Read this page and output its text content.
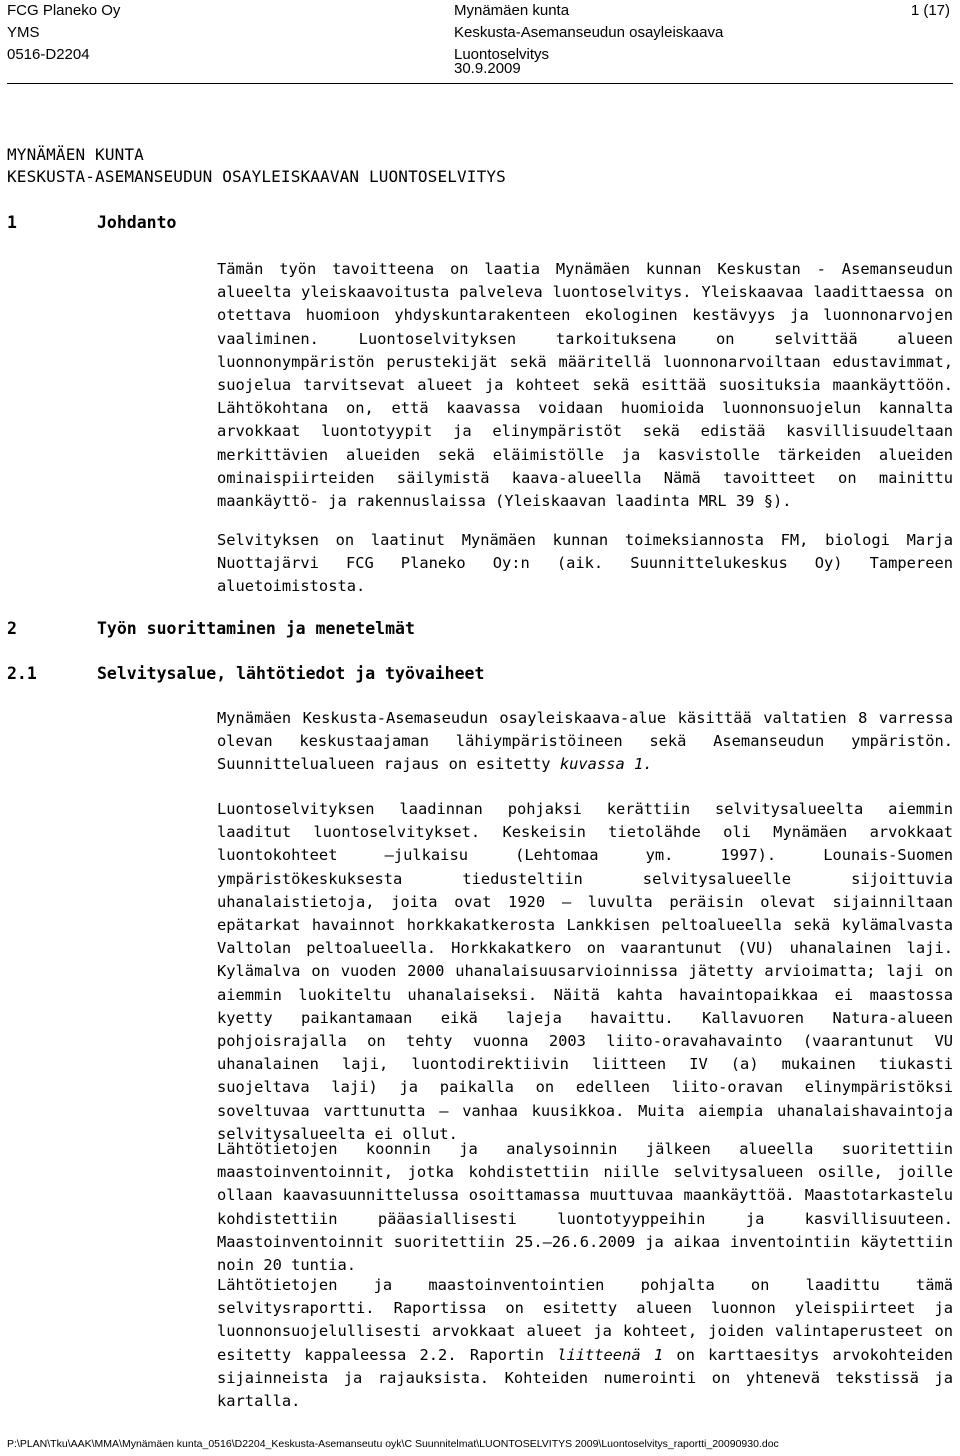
FCG Planeko Oy
YMS
0516-D2204
Mynämäen kunta
Keskusta-Asemanseudun osayleiskaava
Luontoselvitys
30.9.2009
1 (17)
MYNÄMÄEN KUNTA
KESKUSTA-ASEMANSEUDUN OSAYLEISKAAVAN LUONTOSELVITYS
1	Johdanto

Tämän työn tavoitteena on laatia Mynämäen kunnan Keskustan - Asemanseudun alueelta yleiskaavoitusta palveleva luontoselvitys. Yleiskaavaa laadittaessa on otettava huomioon yhdyskuntarakenteen ekologinen kestävyys ja luonnonarvojen vaaliminen. Luontoselvityksen tarkoituksena on selvittää alueen luonnonympäristön perustekijät sekä määritellä luonnonarvoiltaan edustavimmat, suojelua tarvitsevat alueet ja kohteet sekä esittää suosituksia maankäyttöön. Lähtökohtana on, että kaavassa voidaan huomioida luonnonsuojelun kannalta arvokkaat luontotyypit ja elinympäristöt sekä edistää kasvillisuudeltaan merkittävien alueiden sekä eläimistölle ja kasvistolle tärkeiden alueiden ominaispiirteiden säilymistä kaava-alueella Nämä tavoitteet on mainittu maankäyttö- ja rakennuslaissa (Yleiskaavan laadinta MRL 39 §).

Selvityksen on laatinut Mynämäen kunnan toimeksiannosta FM, biologi Marja Nuottajärvi FCG Planeko Oy:n (aik. Suunnittelukeskus Oy) Tampereen aluetoimistosta.

2	Työn suorittaminen ja menetelmät
2.1	Selvitysalue, lähtötiedot ja työvaiheet

Mynämäen Keskusta-Asemaseudun osayleiskaava-alue käsittää valtatien 8 varressa olevan keskustaajaman lähiympäristöineen sekä Asemanseudun ympäristön. Suunnittelualueen rajaus on esitetty kuvassa 1.

Luontoselvityksen laadinnan pohjaksi kerättiin selvitysalueelta aiemmin laaditut luontoselvitykset. Keskeisin tietolähde oli Mynämäen arvokkaat luontokohteet —julkaisu (Lehtomaa ym. 1997). Lounais-Suomen ympäristökeskuksesta tiedusteltiin selvitysalueelle sijoittuvia uhanalaistietoja, joita ovat 1920 — luvulta peräisin olevat sijainniltaan epätarkat havainnot horkkakatkerosta Lankkisen peltoalueella sekä kylämalvasta Valtolan peltoalueella. Horkkakatkero on vaarantunut (VU) uhanalainen laji. Kylämalva on vuoden 2000 uhanalaisuusarvioinnissa jätetty arvioimatta; laji on aiemmin luokiteltu uhanalaiseksi. Näitä kahta havaintopaikkaa ei maastossa kyetty paikantamaan eikä lajeja havaittu. Kallavuoren Natura-alueen pohjoisrajalla on tehty vuonna 2003 liito-oravahavainto (vaarantunut VU uhanalainen laji, luontodirektiivin liitteen IV (a) mukainen tiukasti suojeltava laji) ja paikalla on edelleen liito-oravan elinympäristöksi soveltuvaa varttunutta — vanhaa kuusikkoa. Muita aiempia uhanalaishavaintoja selvitysalueelta ei ollut.

Lähtötietojen koonnin ja analysoinnin jälkeen alueella suoritettiin maastoinventoinnit, jotka kohdistettiin niille selvitysalueen osille, joille ollaan kaavasuunnittelussa osoittamassa muuttuvaa maankäyttöä. Maastotarkastelu kohdistettiin pääasiallisesti luontotyyppeihin ja kasvillisuuteen. Maastoinventoinnit suoritettiin 25.—26.6.2009 ja aikaa inventointiin käytettiin noin 20 tuntia.

Lähtötietojen ja maastoinventointien pohjalta on laadittu tämä selvitysraportti. Raportissa on esitetty alueen luonnon yleispiirteet ja luonnonsuojelullisesti arvokkaat alueet ja kohteet, joiden valintaperusteet on esitetty kappaleessa 2.2. Raportin liitteenä 1 on karttaesitys arvokohteiden sijainneista ja rajauksista. Kohteiden numerointi on yhtenevä tekstissä ja kartalla.

P:\PLAN\Tku\AAK\MMA\Mynämäen kunta_0516\D2204_Keskusta-Asemanseutu oyk\C Suunnitelmat\LUONTOSELVITYS 2009\Luontoselvitys_raportti_20090930.doc
